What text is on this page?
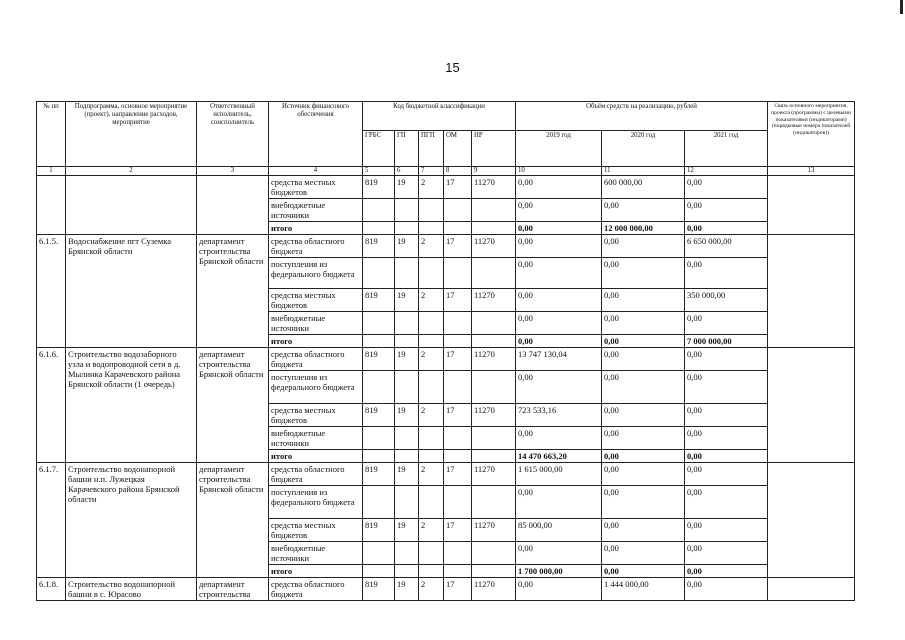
15
№ пп	Подпрограмма, основное мероприятие (проект), направление расходов, мероприятие	Ответственный исполнитель, соисполнитель	Источник финансового обеспечения	Код бюджетной классификации					Объём средств на реализацию, рублей			Связь основного мероприятия, проекта (программы) с целевыми показателями (индикаторами) (порядковые номера показателей (индикаторов))
				ГРБС	ГП	ПГП	ОМ	НР	2019 год	2020 год	2021 год	
1	2	3	4	5	6	7	8	9	10	11	12	13
			средства местных бюджетов	819	19	2	17	11270	0,00	600 000,00	0,00	
			внебюджетные источники						0,00	0,00	0,00	
			итого						0,00	12 000 000,00	0,00	
6.1.5.	Водоснабжение пгт Суземка Брянской области	департамент строительства Брянской области	средства областного бюджета	819	19	2	17	11270	0,00	0,00	6 650 000,00	
			поступления из федерального бюджета						0,00	0,00	0,00	
			средства местных бюджетов	819	19	2	17	11270	0,00	0,00	350 000,00	
			внебюджетные источники						0,00	0,00	0,00	
			итого						0,00	0,00	7 000 000,00	
6.1.6.	Строительство водозаборного узла и водопроводной сети в д. Мылинка Карачевского района Брянской области (1 очередь)	департамент строительства Брянской области	средства областного бюджета	819	19	2	17	11270	13 747 130,04	0,00	0,00	
			поступления из федерального бюджета						0,00	0,00	0,00	
			средства местных бюджетов	819	19	2	17	11270	723 533,16	0,00	0,00	
			внебюджетные источники						0,00	0,00	0,00	
			итого						14 470 663,20	0,00	0,00	
6.1.7.	Строительство водонапорной башни н.п. Лужецкая Карачевского района Брянской области	департамент строительства Брянской области	средства областного бюджета	819	19	2	17	11270	1 615 000,00	0,00	0,00	
			поступления из федерального бюджета						0,00	0,00	0,00	
			средства местных бюджетов	819	19	2	17	11270	85 000,00	0,00	0,00	
			внебюджетные источники						0,00	0,00	0,00	
			итого						1 700 000,00	0,00	0,00	
6.1.8.	Строительство водонапорной башни в с. Юрасово	департамент строительства	средства областного бюджета	819	19	2	17	11270	0,00	1 444 000,00	0,00	
